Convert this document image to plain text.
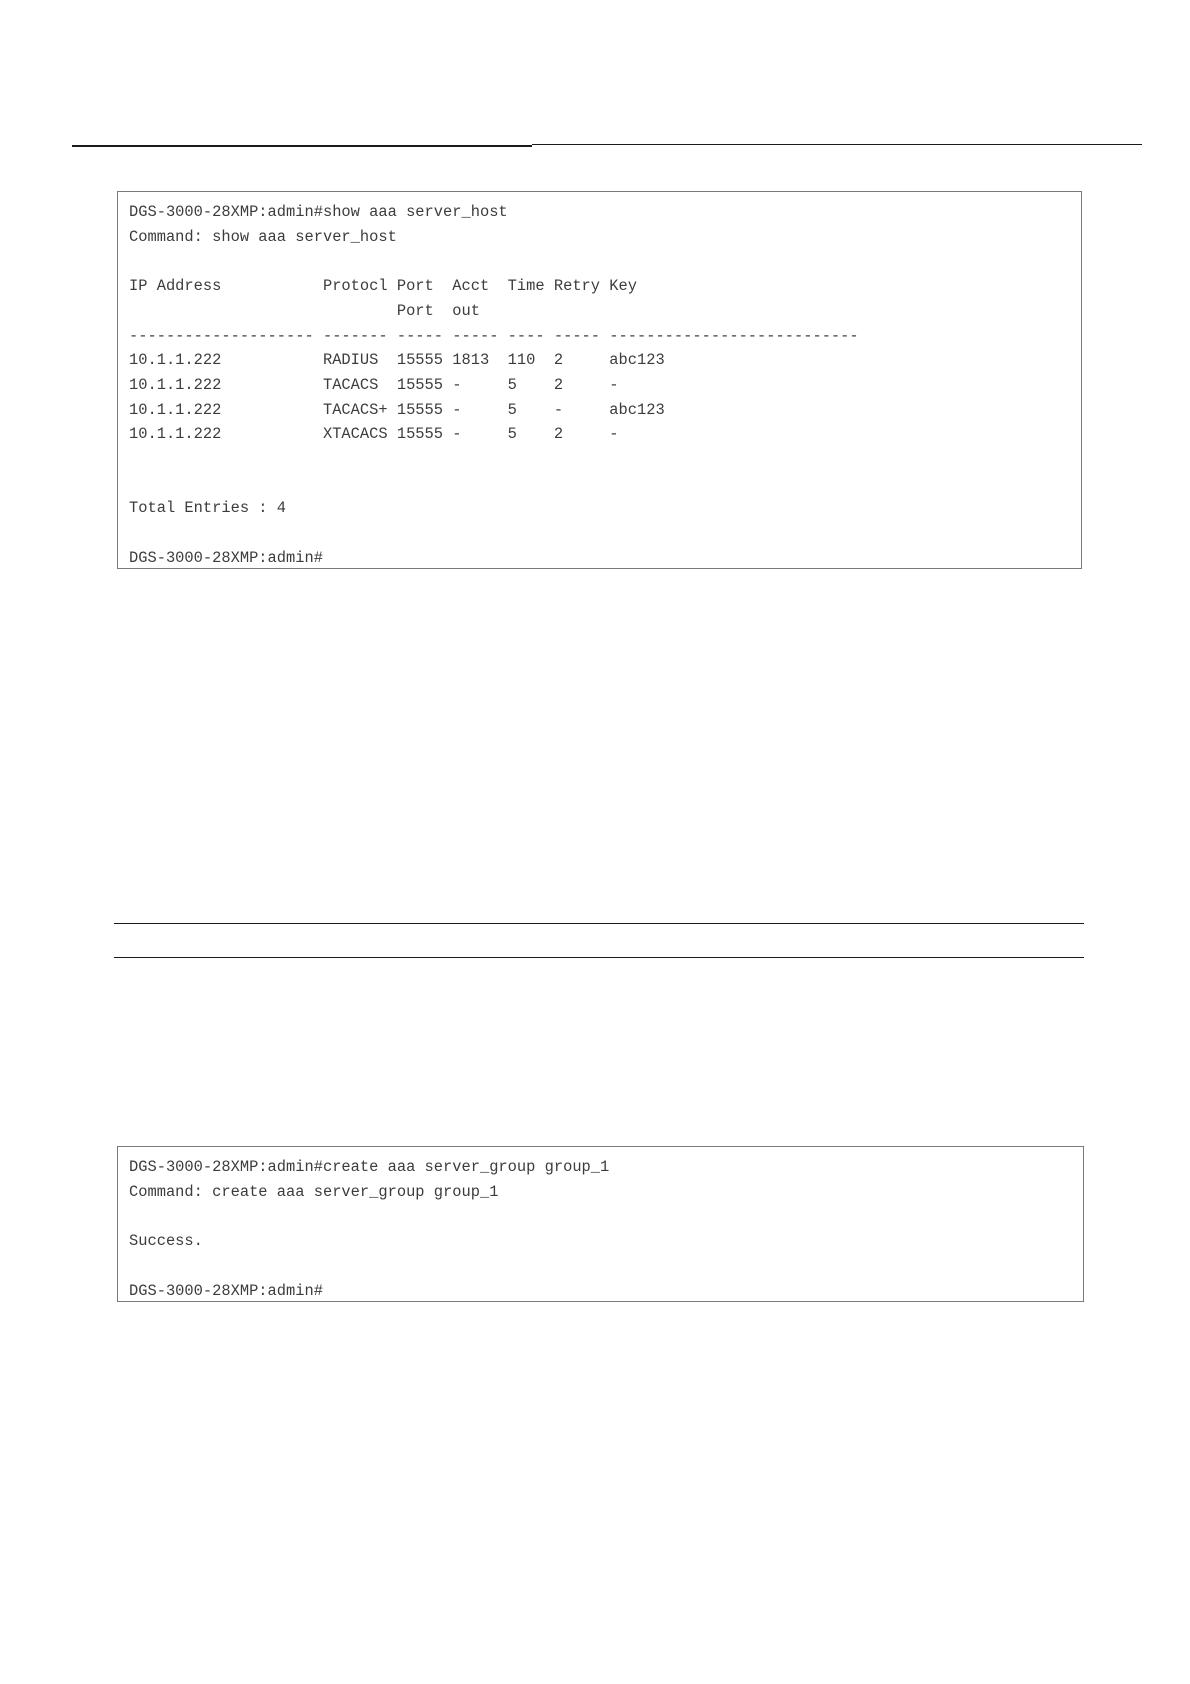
DGS-3000-28XMP:admin#show aaa server_host
Command: show aaa server_host

IP Address           Protocl Port  Acct  Time Retry Key
Port  out
-------------------- ------- ----- ----- ---- ----- ---------------------------
10.1.1.222           RADIUS  15555 1813  110  2     abc123
10.1.1.222           TACACS  15555 -     5    2     -
10.1.1.222           TACACS+ 15555 -     5    -     abc123
10.1.1.222           XTACACS 15555 -     5    2     -

Total Entries : 4

DGS-3000-28XMP:admin#
DGS-3000-28XMP:admin#create aaa server_group group_1
Command: create aaa server_group group_1

Success.

DGS-3000-28XMP:admin#
